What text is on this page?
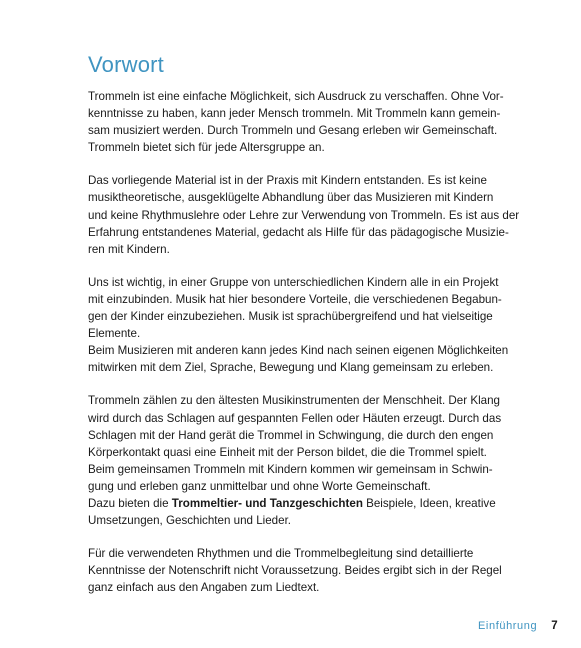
Vorwort

Trommeln ist eine einfache Möglichkeit, sich Ausdruck zu verschaffen. Ohne Vor-
kenntnisse zu haben, kann jeder Mensch trommeln. Mit Trommeln kann gemein-
sam musiziert werden. Durch Trommeln und Gesang erleben wir Gemeinschaft.
Trommeln bietet sich für jede Altersgruppe an.

Das vorliegende Material ist in der Praxis mit Kindern entstanden. Es ist keine
musiktheoretische, ausgeklügelte Abhandlung über das Musizieren mit Kindern
und keine Rhythmuslehre oder Lehre zur Verwendung von Trommeln. Es ist aus der
Erfahrung entstandenes Material, gedacht als Hilfe für das pädagogische Musizie-
ren mit Kindern.

Uns ist wichtig, in einer Gruppe von unterschiedlichen Kindern alle in ein Projekt
mit einzubinden. Musik hat hier besondere Vorteile, die verschiedenen Begabun-
gen der Kinder einzubeziehen. Musik ist sprachübergreifend und hat vielseitige
Elemente.
Beim Musizieren mit anderen kann jedes Kind nach seinen eigenen Möglichkeiten
mitwirken mit dem Ziel, Sprache, Bewegung und Klang gemeinsam zu erleben.

Trommeln zählen zu den ältesten Musikinstrumenten der Menschheit. Der Klang
wird durch das Schlagen auf gespannten Fellen oder Häuten erzeugt. Durch das
Schlagen mit der Hand gerät die Trommel in Schwingung, die durch den engen
Körperkontakt quasi eine Einheit mit der Person bildet, die die Trommel spielt.
Beim gemeinsamen Trommeln mit Kindern kommen wir gemeinsam in Schwin-
gung und erleben ganz unmittelbar und ohne Worte Gemeinschaft.
Dazu bieten die Trommeltier- und Tanzgeschichten Beispiele, Ideen, kreative
Umsetzungen, Geschichten und Lieder.

Für die verwendeten Rhythmen und die Trommelbegleitung sind detaillierte
Kenntnisse der Notenschrift nicht Voraussetzung. Beides ergibt sich in der Regel
ganz einfach aus den Angaben zum Liedtext.

Einführung 7
